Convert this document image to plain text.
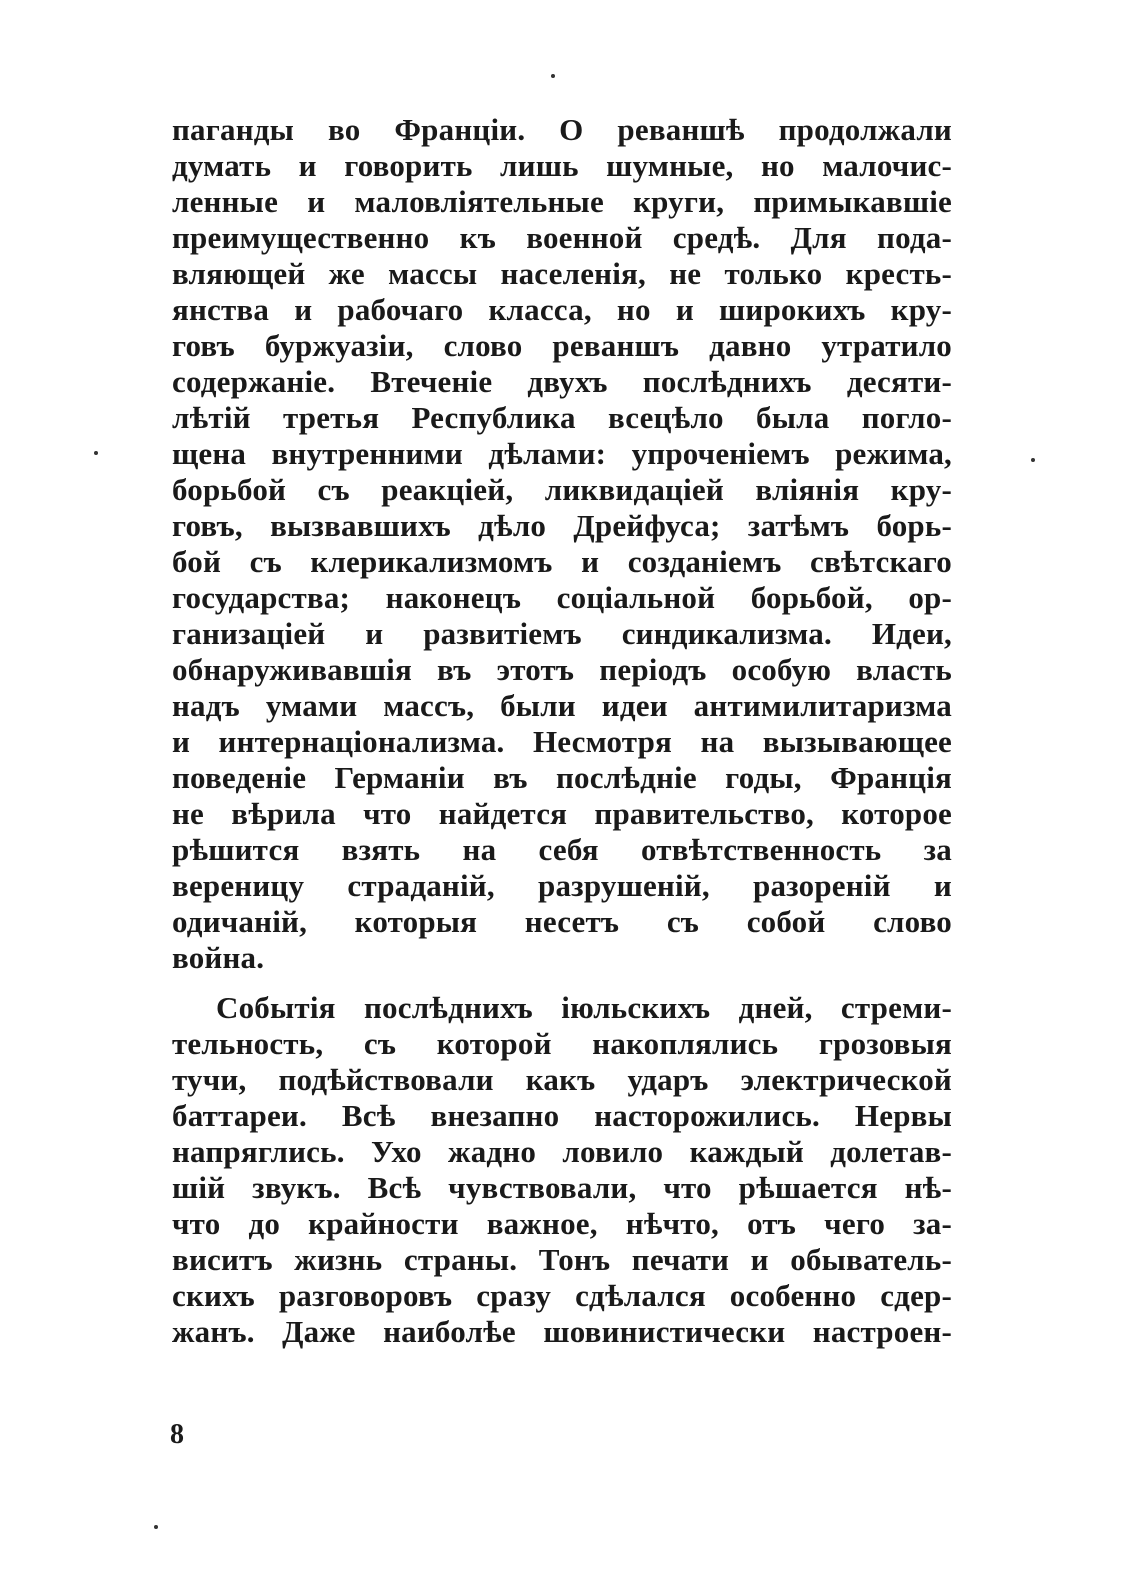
паганды во Франціи. О реваншѣ продолжали
думать и говорить лишь шумные, но малочис-
ленные и маловліятельные круги, примыкавшіе
преимущественно къ военной средѣ. Для пода-
вляющей же массы населенія, не только кресть-
янства и рабочаго класса, но и широкихъ кру-
говъ буржуазіи, слово реваншъ давно утратило
содержаніе. Втеченіе двухъ послѣднихъ десяти-
лѣтій третья Республика всецѣло была погло-
щена внутренними дѣлами: упроченіемъ режима,
борьбой съ реакціей, ликвидаціей вліянія кру-
говъ, вызвавшихъ дѣло Дрейфуса; затѣмъ борь-
бой съ клерикализмомъ и созданіемъ свѣтскаго
государства; наконецъ соціальной борьбой, ор-
ганизаціей и развитіемъ синдикализма. Идеи,
обнаруживавшія въ этотъ періодъ особую власть
надъ умами массъ, были идеи антимилитаризма
и интернаціонализма. Несмотря на вызывающее
поведеніе Германіи въ послѣдніе годы, Франція
не вѣрила что найдется правительство, которое
рѣшится взять на себя отвѣтственность за
вереницу страданій, разрушеній, разореній и
одичаній, которыя несетъ съ собой слово
война.
Событія послѣднихъ іюльскихъ дней, стреми-
тельность, съ которой накоплялись грозовыя
тучи, подѣйствовали какъ ударъ электрической
баттареи. Всѣ внезапно насторожились. Нервы
напряглись. Ухо жадно ловило каждый долетав-
шій звукъ. Всѣ чувствовали, что рѣшается нѣ-
что до крайности важное, нѣчто, отъ чего за-
виситъ жизнь страны. Тонъ печати и обыватель-
скихъ разговоровъ сразу сдѣлался особенно сдер-
жанъ. Даже наиболѣе шовинистически настроен-
8
